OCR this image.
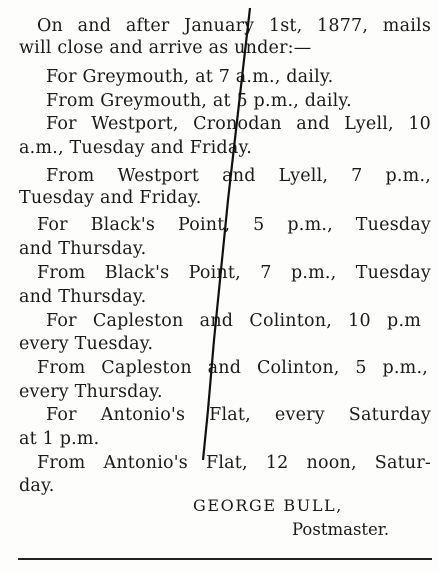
On and after January 1st, 1877, mails
will close and arrive as under:—
For Greymouth, at 7 a.m., daily.
From Greymouth, at 5 p.m., daily.
For Westport, Cronodan and Lyell, 10
a.m., Tuesday and Friday.
From Westport and Lyell, 7 p.m.,
Tuesday and Friday.
For Black's Point, 5 p.m., Tuesday
and Thursday.
From Black's Point, 7 p.m., Tuesday
and Thursday.
For Capleston and Colinton, 10 p.m
every Tuesday.
From Capleston and Colinton, 5 p.m.,
every Thursday.
For Antonio's Flat, every Saturday
at 1 p.m.
From Antonio's Flat, 12 noon, Satur-
day.
GEORGE BULL,
Postmaster.
